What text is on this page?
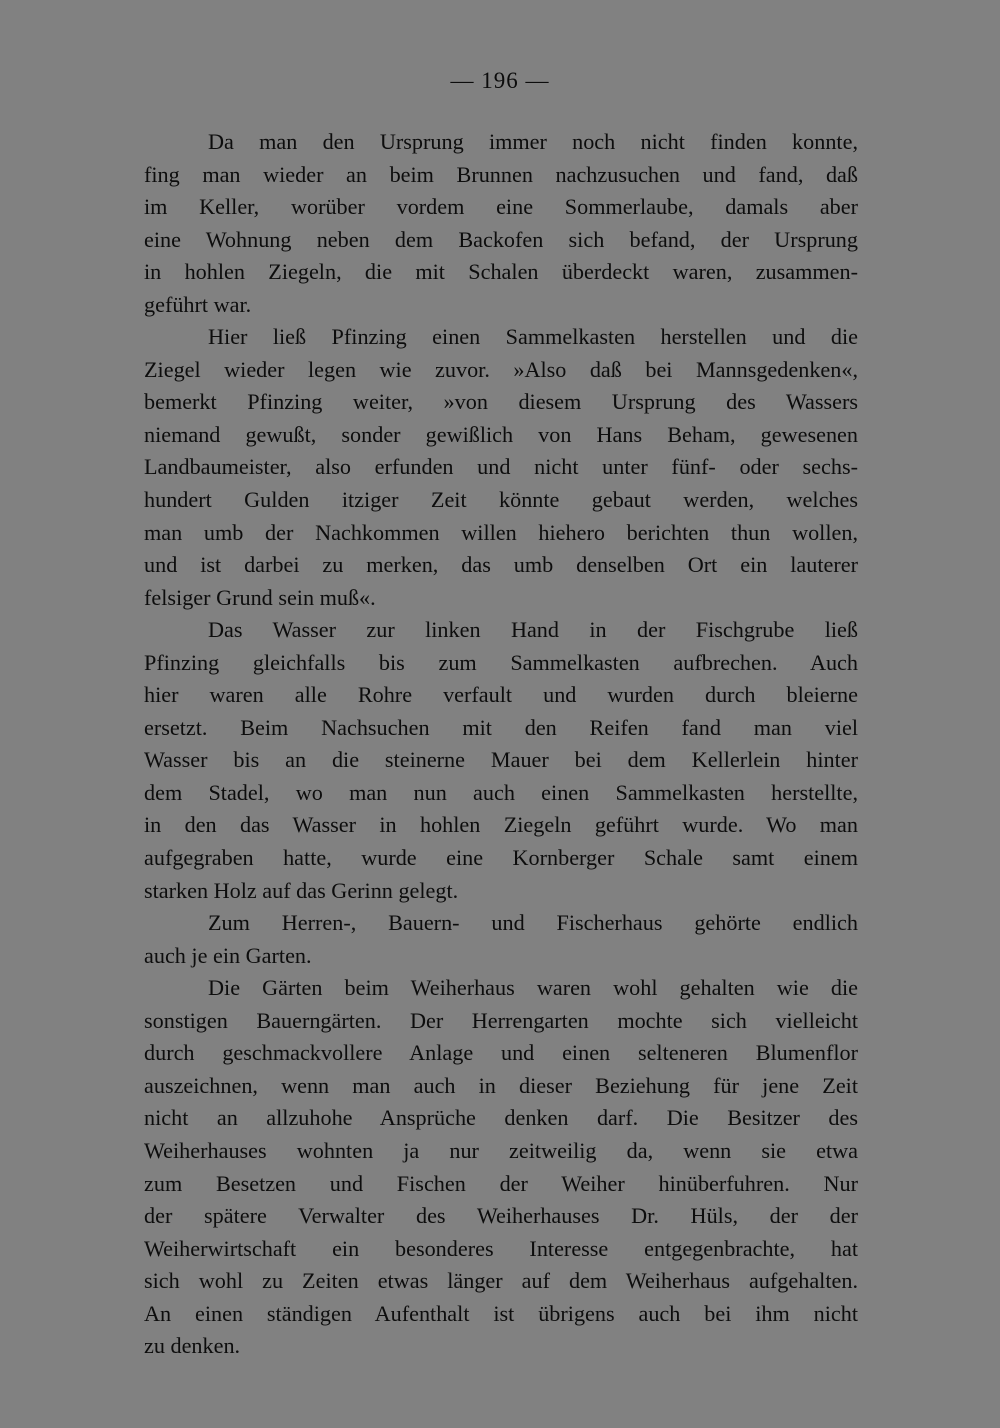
— 196 —
Da man den Ursprung immer noch nicht finden konnte,
fing man wieder an beim Brunnen nachzusuchen und fand, daß
im Keller, worüber vordem eine Sommerlaube, damals aber
eine Wohnung neben dem Backofen sich befand, der Ursprung
in hohlen Ziegeln, die mit Schalen überdeckt waren, zusammen-
geführt war.
Hier ließ Pfinzing einen Sammelkasten herstellen und die
Ziegel wieder legen wie zuvor. »Also daß bei Mannsgedenken«,
bemerkt Pfinzing weiter, »von diesem Ursprung des Wassers
niemand gewußt, sonder gewißlich von Hans Beham, gewesenen
Landbaumeister, also erfunden und nicht unter fünf- oder sechs-
hundert Gulden itziger Zeit könnte gebaut werden, welches
man umb der Nachkommen willen hiehero berichten thun wollen,
und ist darbei zu merken, das umb denselben Ort ein lauterer
felsiger Grund sein muß«.
Das Wasser zur linken Hand in der Fischgrube ließ
Pfinzing gleichfalls bis zum Sammelkasten aufbrechen. Auch
hier waren alle Rohre verfault und wurden durch bleierne
ersetzt. Beim Nachsuchen mit den Reifen fand man viel
Wasser bis an die steinerne Mauer bei dem Kellerlein hinter
dem Stadel, wo man nun auch einen Sammelkasten herstellte,
in den das Wasser in hohlen Ziegeln geführt wurde. Wo man
aufgegraben hatte, wurde eine Kornberger Schale samt einem
starken Holz auf das Gerinn gelegt.
Zum Herren-, Bauern- und Fischerhaus gehörte endlich
auch je ein Garten.
Die Gärten beim Weiherhaus waren wohl gehalten wie die
sonstigen Bauerngärten. Der Herrengarten mochte sich vielleicht
durch geschmackvollere Anlage und einen selteneren Blumenflor
auszeichnen, wenn man auch in dieser Beziehung für jene Zeit
nicht an allzuhohe Ansprüche denken darf. Die Besitzer des
Weiherhauses wohnten ja nur zeitweilig da, wenn sie etwa
zum Besetzen und Fischen der Weiher hinüberfuhren. Nur
der spätere Verwalter des Weiherhauses Dr. Hüls, der der
Weiherwirtschaft ein besonderes Interesse entgegenbrachte, hat
sich wohl zu Zeiten etwas länger auf dem Weiherhaus aufgehalten.
An einen ständigen Aufenthalt ist übrigens auch bei ihm nicht
zu denken.
